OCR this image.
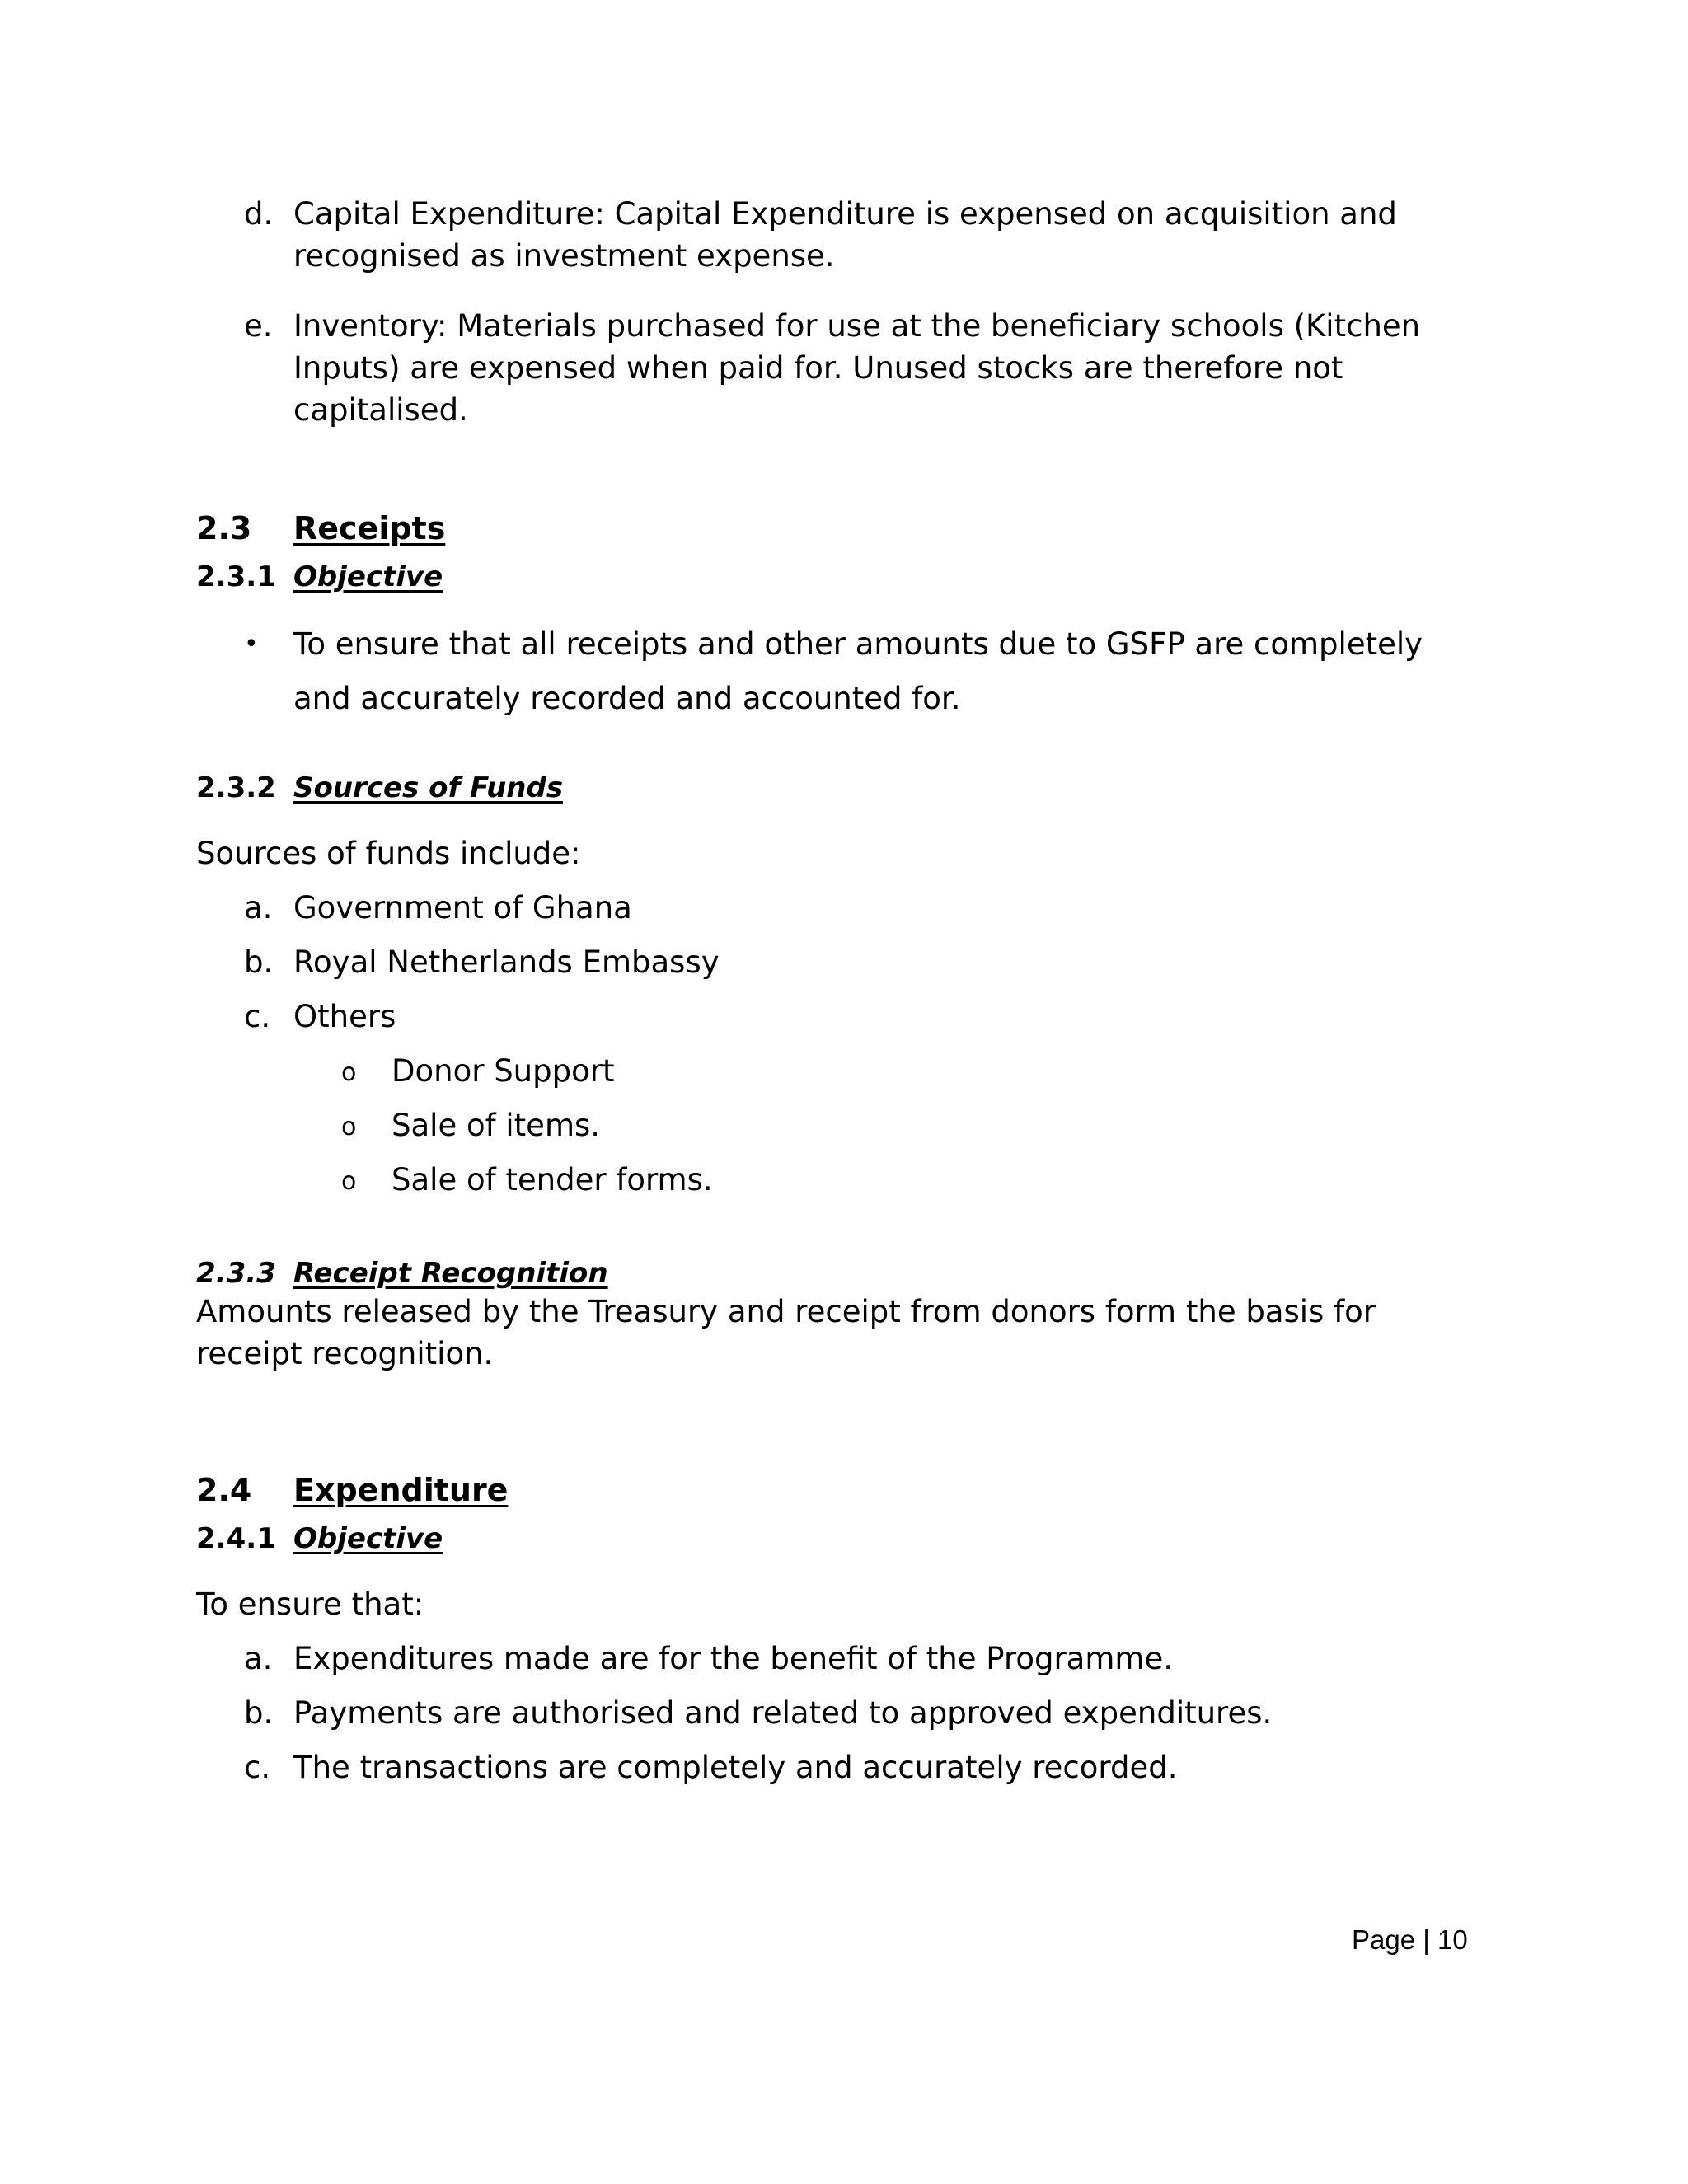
d. Capital Expenditure: Capital Expenditure is expensed on acquisition and

recognised as investment expense.

e. Inventory: Materials purchased for use at the beneficiary schools (Kitchen

Inputs) are expensed when paid for. Unused stocks are therefore not

capitalised.

2.3 Receipts

2.3.1 Objective

• To ensure that all receipts and other amounts due to GSFP are completely

and accurately recorded and accounted for.

2.3.2 Sources of Funds

Sources of funds include:

a. Government of Ghana

b. Royal Netherlands Embassy

c. Others

o Donor Support

o Sale of items.

o Sale of tender forms.

2.3.3 Receipt Recognition

Amounts released by the Treasury and receipt from donors form the basis for

receipt recognition.

2.4 Expenditure

2.4.1 Objective

To ensure that:

a. Expenditures made are for the benefit of the Programme.

b. Payments are authorised and related to approved expenditures.

c. The transactions are completely and accurately recorded.

Page | 10
